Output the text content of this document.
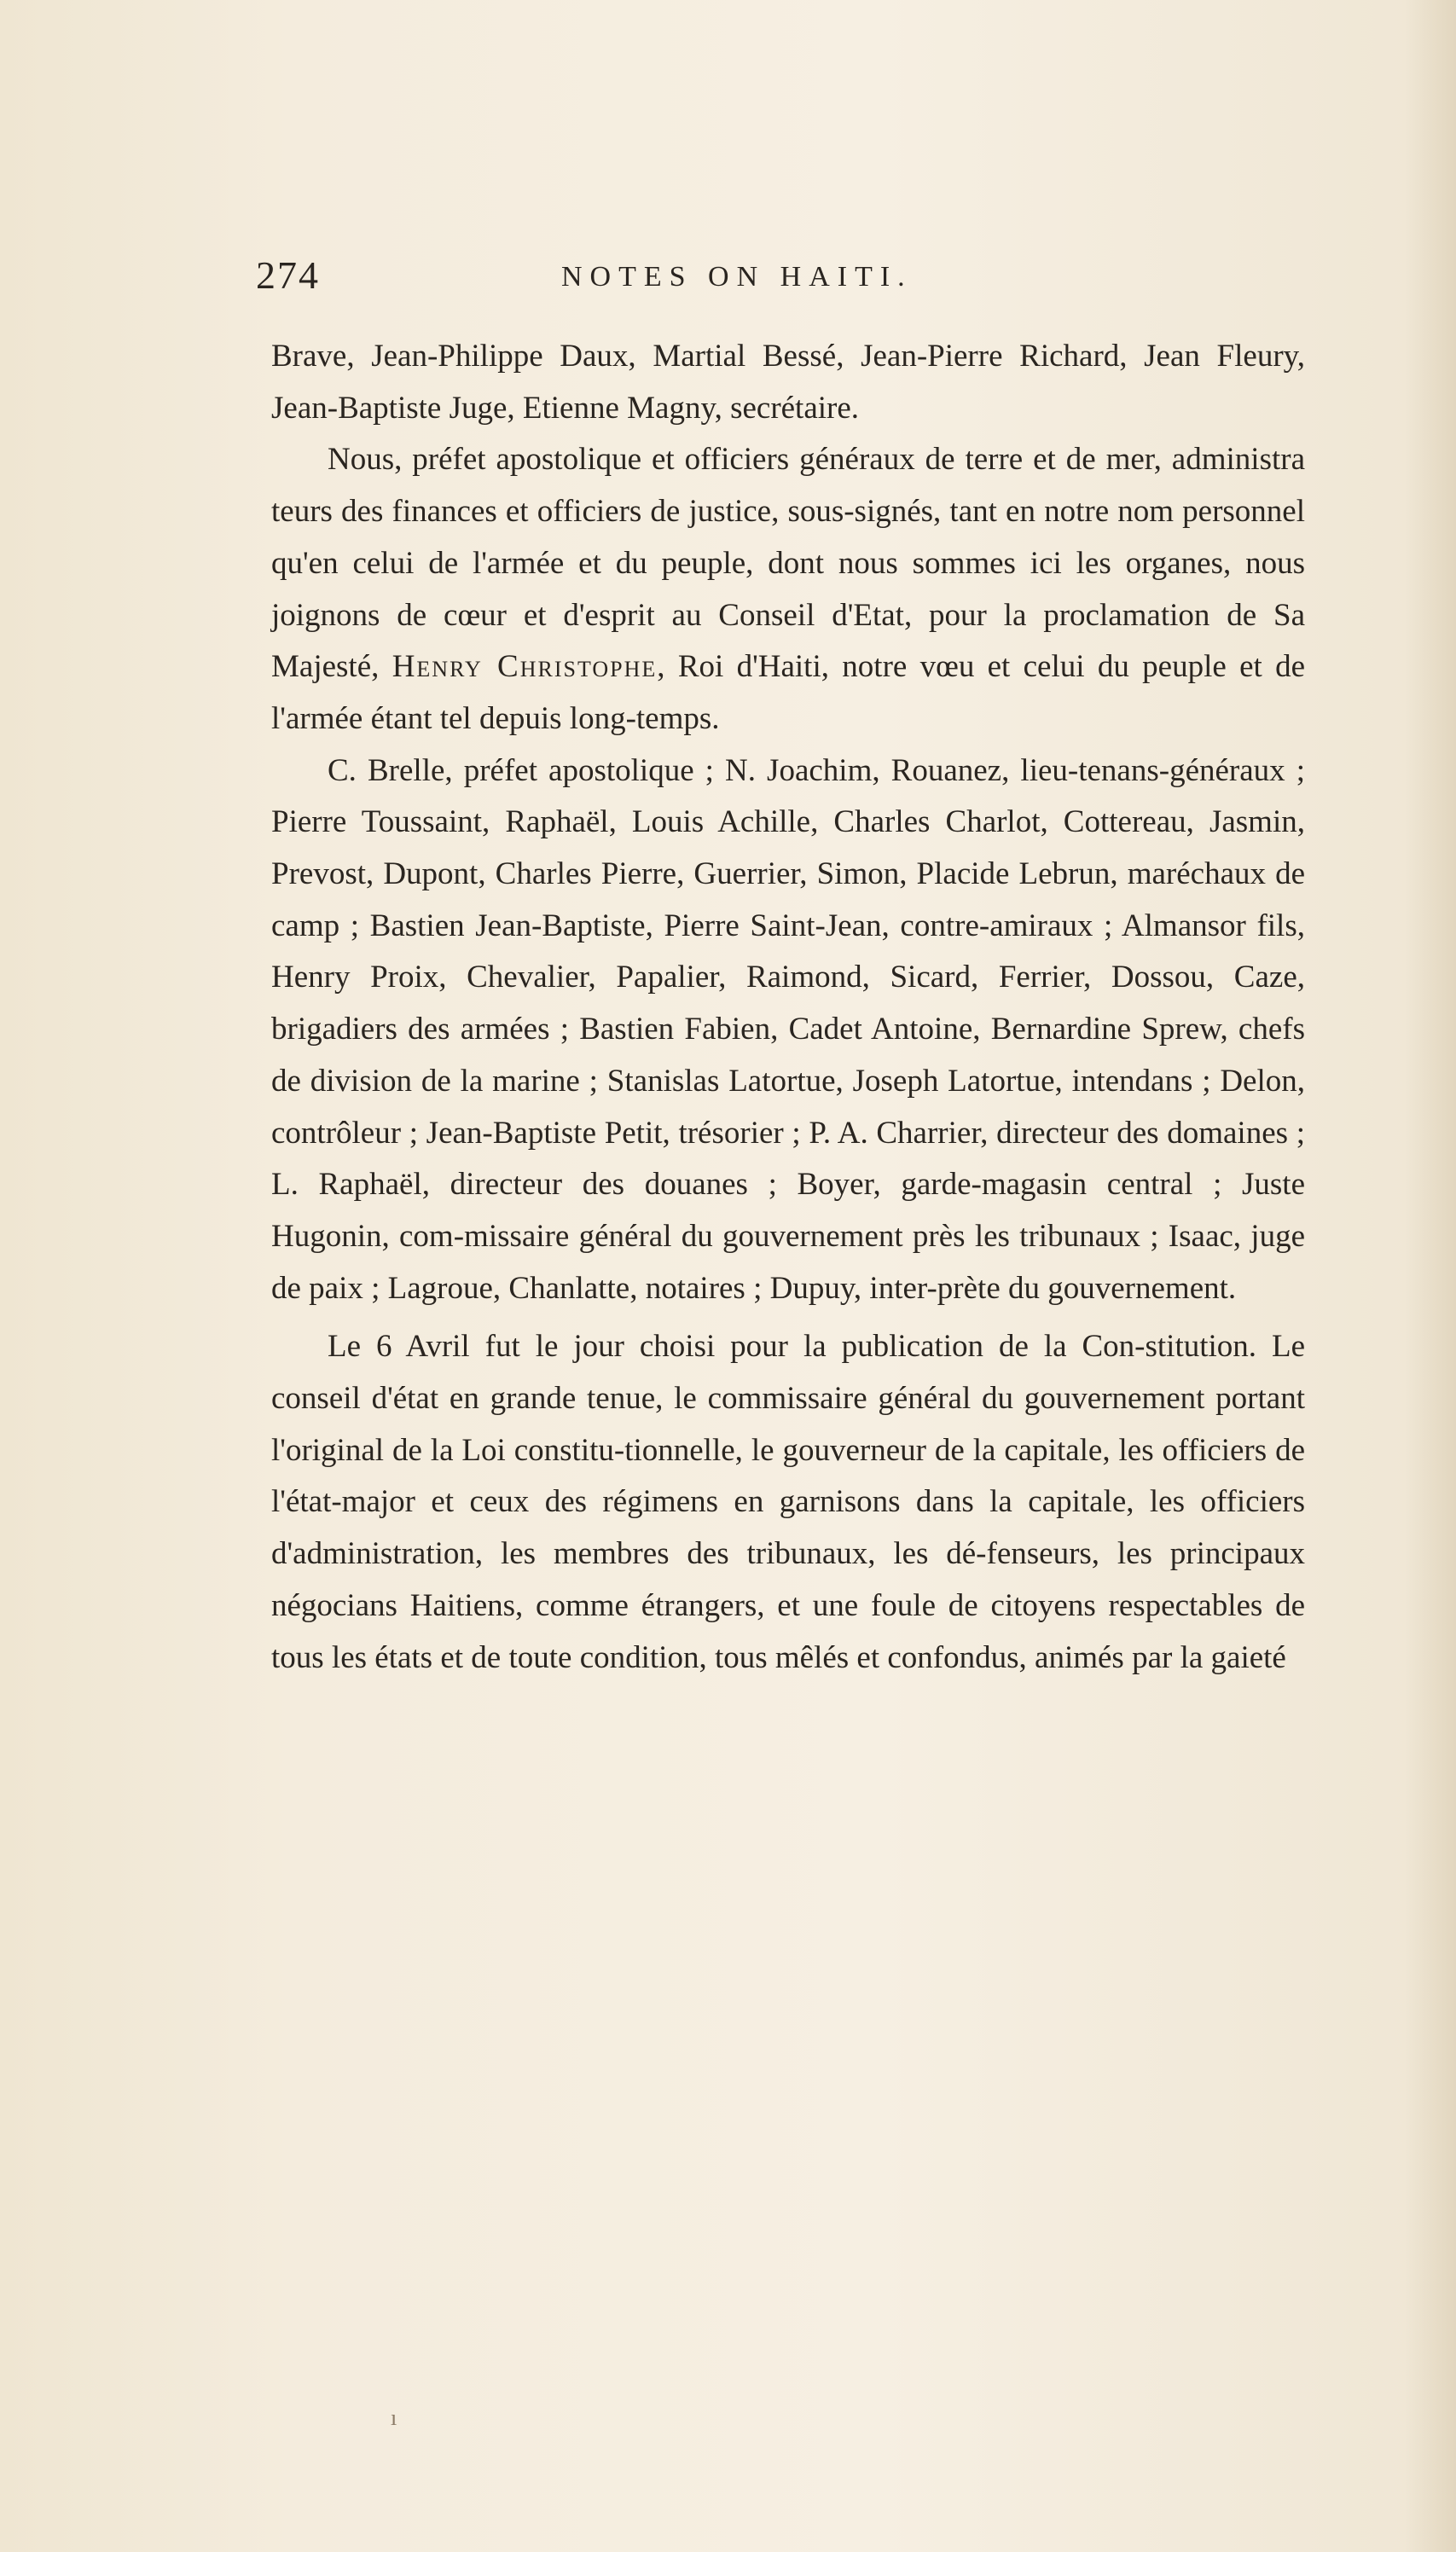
274	NOTES ON HAITI.

Brave, Jean-Philippe Daux, Martial Bessé, Jean-Pierre Richard, Jean Fleury, Jean-Baptiste Juge, Etienne Magny, secrétaire.

Nous, préfet apostolique et officiers généraux de terre et de mer, administra teurs des finances et officiers de justice, sous-signés, tant en notre nom personnel qu'en celui de l'armée et du peuple, dont nous sommes ici les organes, nous joignons de cœur et d'esprit au Conseil d'Etat, pour la proclamation de Sa Majesté, Henry Christophe, Roi d'Haiti, notre vœu et celui du peuple et de l'armée étant tel depuis long-temps.

C. Brelle, préfet apostolique ; N. Joachim, Rouanez, lieu-tenans-généraux ; Pierre Toussaint, Raphaël, Louis Achille, Charles Charlot, Cottereau, Jasmin, Prevost, Dupont, Charles Pierre, Guerrier, Simon, Placide Lebrun, maréchaux de camp ; Bastien Jean-Baptiste, Pierre Saint-Jean, contre-amiraux ; Almansor fils, Henry Proix, Chevalier, Papalier, Raimond, Sicard, Ferrier, Dossou, Caze, brigadiers des armées ; Bastien Fabien, Cadet Antoine, Bernardine Sprew, chefs de division de la marine ; Stanislas Latortue, Joseph Latortue, intendans ; Delon, contrôleur ; Jean-Baptiste Petit, trésorier ; P. A. Charrier, directeur des domaines ; L. Raphaël, directeur des douanes ; Boyer, garde-magasin central ; Juste Hugonin, com-missaire général du gouvernement près les tribunaux ; Isaac, juge de paix ; Lagroue, Chanlatte, notaires ; Dupuy, inter-prète du gouvernement.

Le 6 Avril fut le jour choisi pour la publication de la Con-stitution. Le conseil d'état en grande tenue, le commissaire général du gouvernement portant l'original de la Loi constitu-tionnelle, le gouverneur de la capitale, les officiers de l'état-major et ceux des régimens en garnisons dans la capitale, les officiers d'administration, les membres des tribunaux, les dé-fenseurs, les principaux négocians Haitiens, comme étrangers, et une foule de citoyens respectables de tous les états et de toute condition, tous mêlés et confondus, animés par la gaieté

ı
